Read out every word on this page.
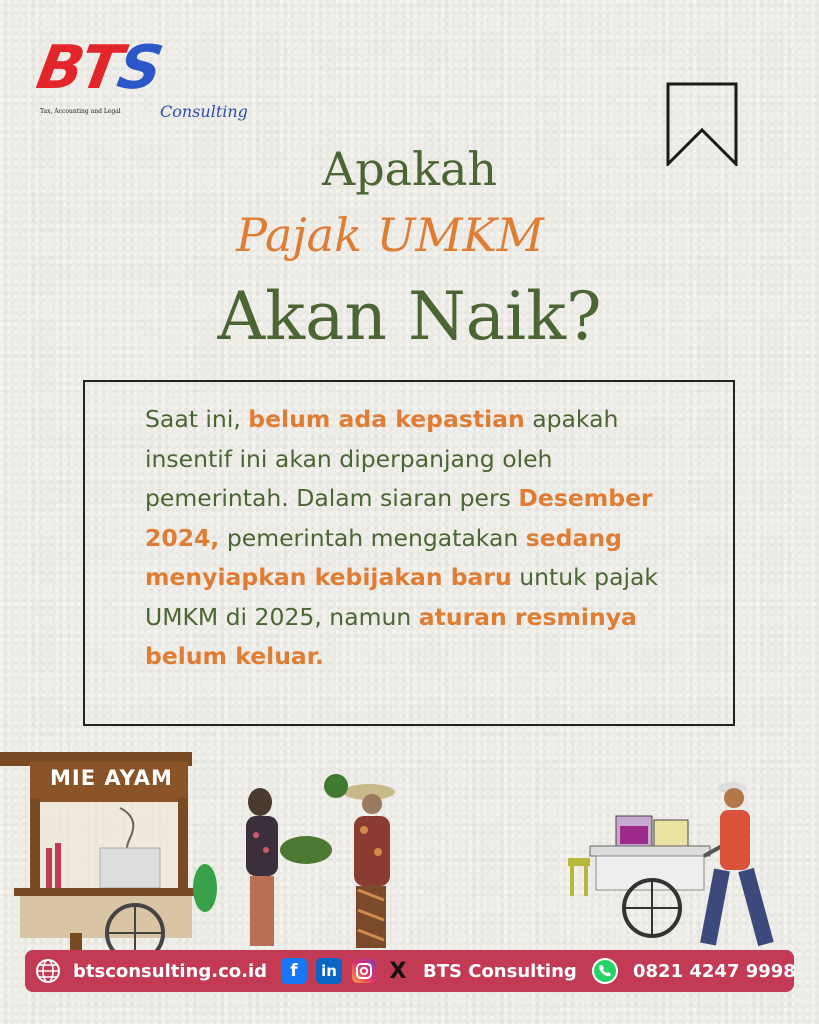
BTS
Tax, Accounting and Legal Consulting
Apakah
Pajak UMKM
Akan Naik?
Saat ini, belum ada kepastian apakah insentif ini akan diperpanjang oleh pemerintah. Dalam siaran pers Desember 2024, pemerintah mengatakan sedang menyiapkan kebijakan baru untuk pajak UMKM di 2025, namun aturan resminya belum keluar.
MIE AYAM
btsconsulting.co.id	f	in X BTS Consulting	0821 4247 9998
